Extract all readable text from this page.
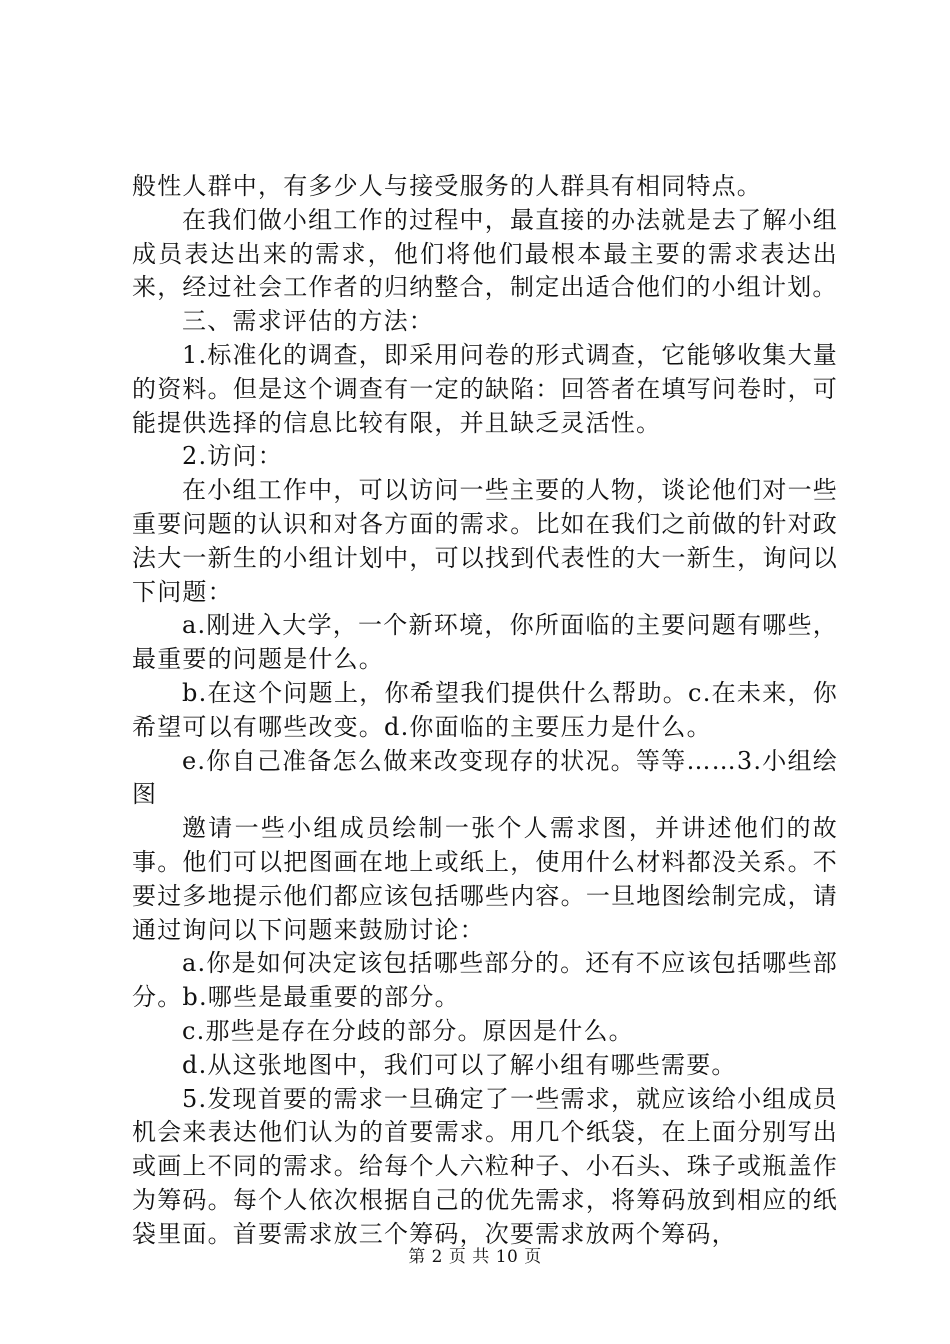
般性人群中，有多少人与接受服务的人群具有相同特点。

在我们做小组工作的过程中，最直接的办法就是去了解小组成员表达出来的需求，他们将他们最根本最主要的需求表达出来，经过社会工作者的归纳整合，制定出适合他们的小组计划。

三、需求评估的方法：

1.标准化的调查，即采用问卷的形式调查，它能够收集大量的资料。但是这个调查有一定的缺陷：回答者在填写问卷时，可能提供选择的信息比较有限，并且缺乏灵活性。

2.访问：

在小组工作中，可以访问一些主要的人物，谈论他们对一些重要问题的认识和对各方面的需求。比如在我们之前做的针对政法大一新生的小组计划中，可以找到代表性的大一新生，询问以下问题：

a.刚进入大学，一个新环境，你所面临的主要问题有哪些，最重要的问题是什么。

b.在这个问题上，你希望我们提供什么帮助。c.在未来，你希望可以有哪些改变。d.你面临的主要压力是什么。

e.你自己准备怎么做来改变现存的状况。等等……3.小组绘图

邀请一些小组成员绘制一张个人需求图，并讲述他们的故事。他们可以把图画在地上或纸上，使用什么材料都没关系。不要过多地提示他们都应该包括哪些内容。一旦地图绘制完成，请通过询问以下问题来鼓励讨论：

a.你是如何决定该包括哪些部分的。还有不应该包括哪些部分。b.哪些是最重要的部分。

c.那些是存在分歧的部分。原因是什么。

d.从这张地图中，我们可以了解小组有哪些需要。

5.发现首要的需求一旦确定了一些需求，就应该给小组成员机会来表达他们认为的首要需求。用几个纸袋，在上面分别写出或画上不同的需求。给每个人六粒种子、小石头、珠子或瓶盖作为筹码。每个人依次根据自己的优先需求，将筹码放到相应的纸袋里面。首要需求放三个筹码，次要需求放两个筹码，

第 2 页 共 10 页
